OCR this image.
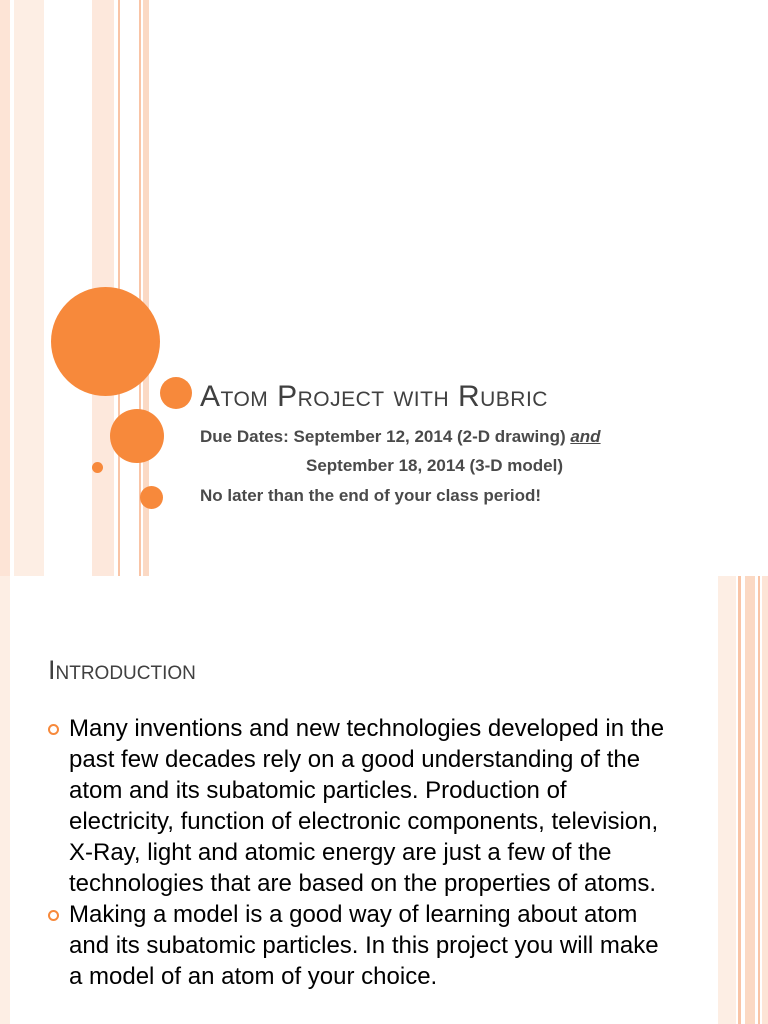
Atom Project with Rubric

Due Dates: September 12, 2014 (2-D drawing) and

September 18, 2014 (3-D model)

No later than the end of your class period!

Introduction
Many inventions and new technologies developed in the past few decades rely on a good understanding of the atom and its subatomic particles. Production of electricity, function of electronic components, television, X-Ray, light and atomic energy are just a few of the technologies that are based on the properties of atoms.
Making a model is a good way of learning about atom and its subatomic particles. In this project you will make a model of an atom of your choice.
